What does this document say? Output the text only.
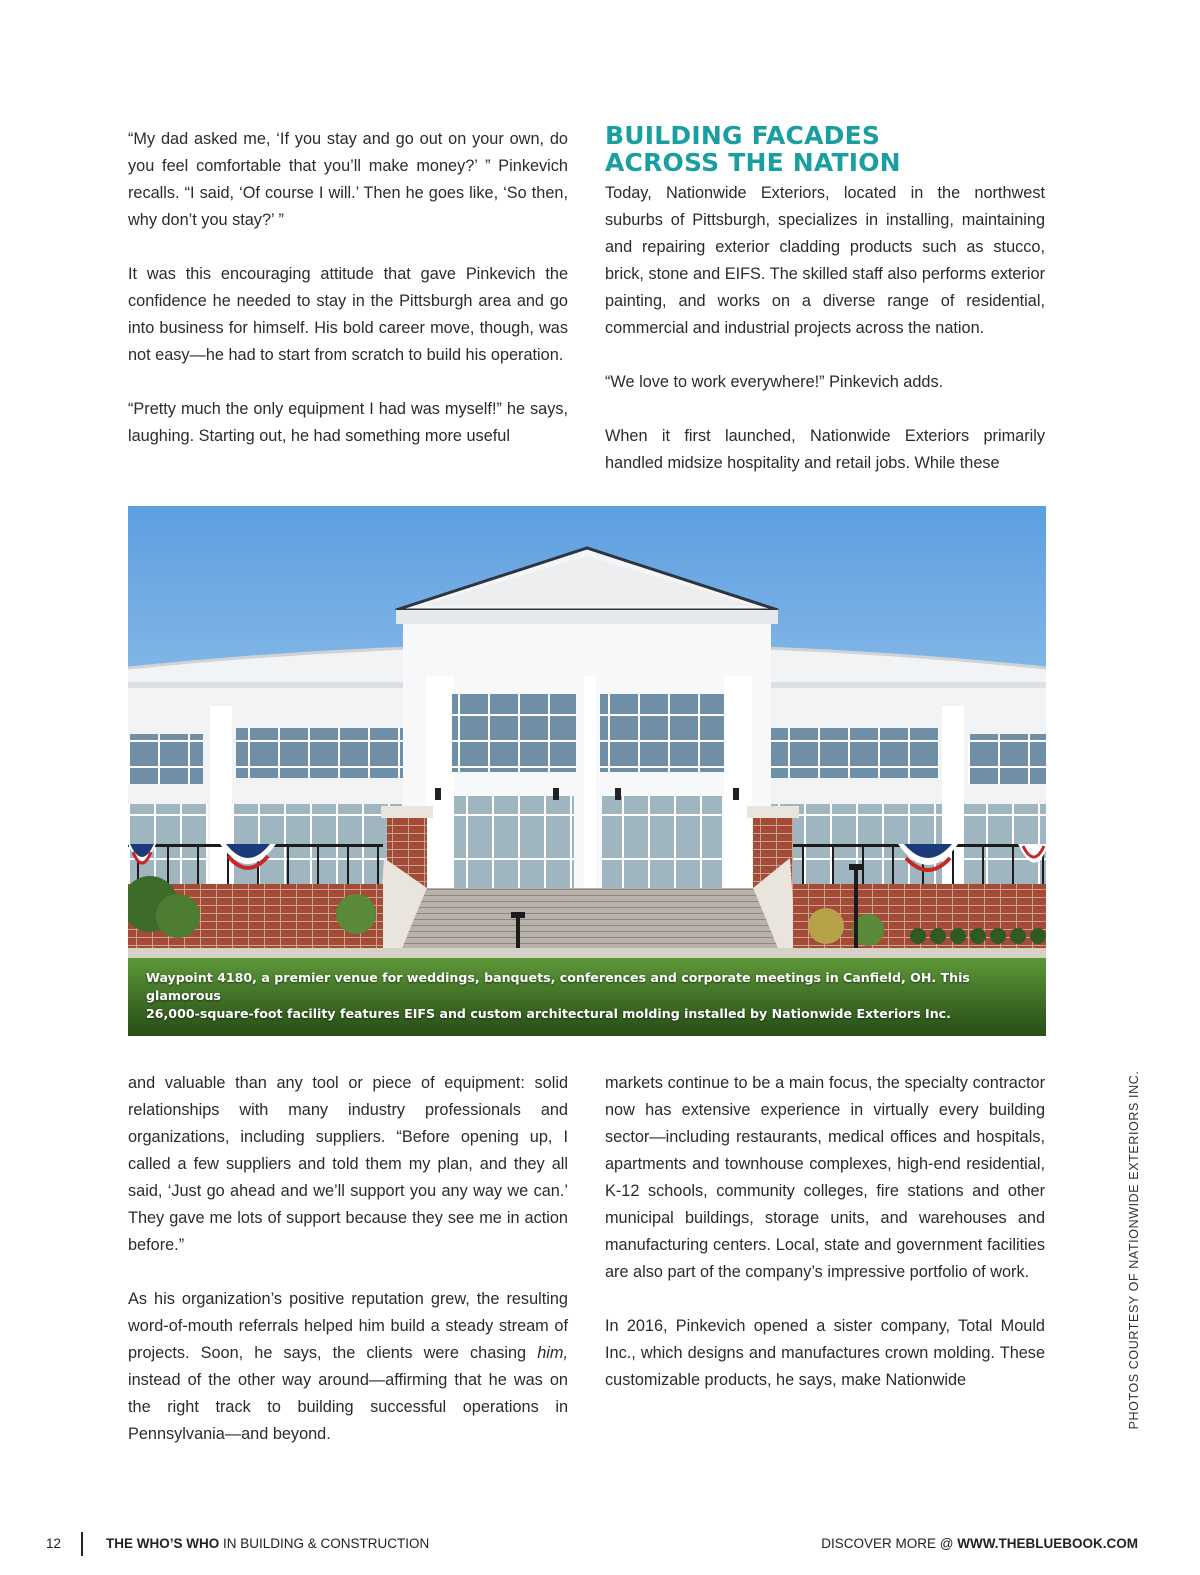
“My dad asked me, ‘If you stay and go out on your own, do you feel comfortable that you’ll make money?’ ” Pinkevich recalls. “I said, ‘Of course I will.’ Then he goes like, ‘So then, why don’t you stay?’ ”

It was this encouraging attitude that gave Pinkevich the confidence he needed to stay in the Pittsburgh area and go into business for himself. His bold career move, though, was not easy—he had to start from scratch to build his operation.

“Pretty much the only equipment I had was myself!” he says, laughing. Starting out, he had something more useful

BUILDING FACADES
ACROSS THE NATION

Today, Nationwide Exteriors, located in the northwest suburbs of Pittsburgh, specializes in installing, maintaining and repairing exterior cladding products such as stucco, brick, stone and EIFS. The skilled staff also performs exterior painting, and works on a diverse range of residential, commercial and industrial projects across the nation.

“We love to work everywhere!” Pinkevich adds.

When it first launched, Nationwide Exteriors primarily handled midsize hospitality and retail jobs. While these

Waypoint 4180, a premier venue for weddings, banquets, conferences and corporate meetings in Canfield, OH. This glamorous
26,000-square-foot facility features EIFS and custom architectural molding installed by Nationwide Exteriors Inc.

and valuable than any tool or piece of equipment: solid relationships with many industry professionals and organizations, including suppliers. “Before opening up, I called a few suppliers and told them my plan, and they all said, ‘Just go ahead and we’ll support you any way we can.’ They gave me lots of support because they see me in action before.”

As his organization’s positive reputation grew, the resulting word-of-mouth referrals helped him build a steady stream of projects. Soon, he says, the clients were chasing him, instead of the other way around—affirming that he was on the right track to building successful operations in Pennsylvania—and beyond.

markets continue to be a main focus, the specialty contractor now has extensive experience in virtually every building sector—including restaurants, medical offices and hospitals, apartments and townhouse complexes, high-end residential, K-12 schools, community colleges, fire stations and other municipal buildings, storage units, and warehouses and manufacturing centers. Local, state and government facilities are also part of the company’s impressive portfolio of work.

In 2016, Pinkevich opened a sister company, Total Mould Inc., which designs and manufactures crown molding. These customizable products, he says, make Nationwide	PHOTOS COURTESY OF NATIONWIDE EXTERIORS INC.
12	THE WHO’S WHO IN BUILDING & CONSTRUCTION	DISCOVER MORE @ WWW.THEBLUEBOOK.COM
